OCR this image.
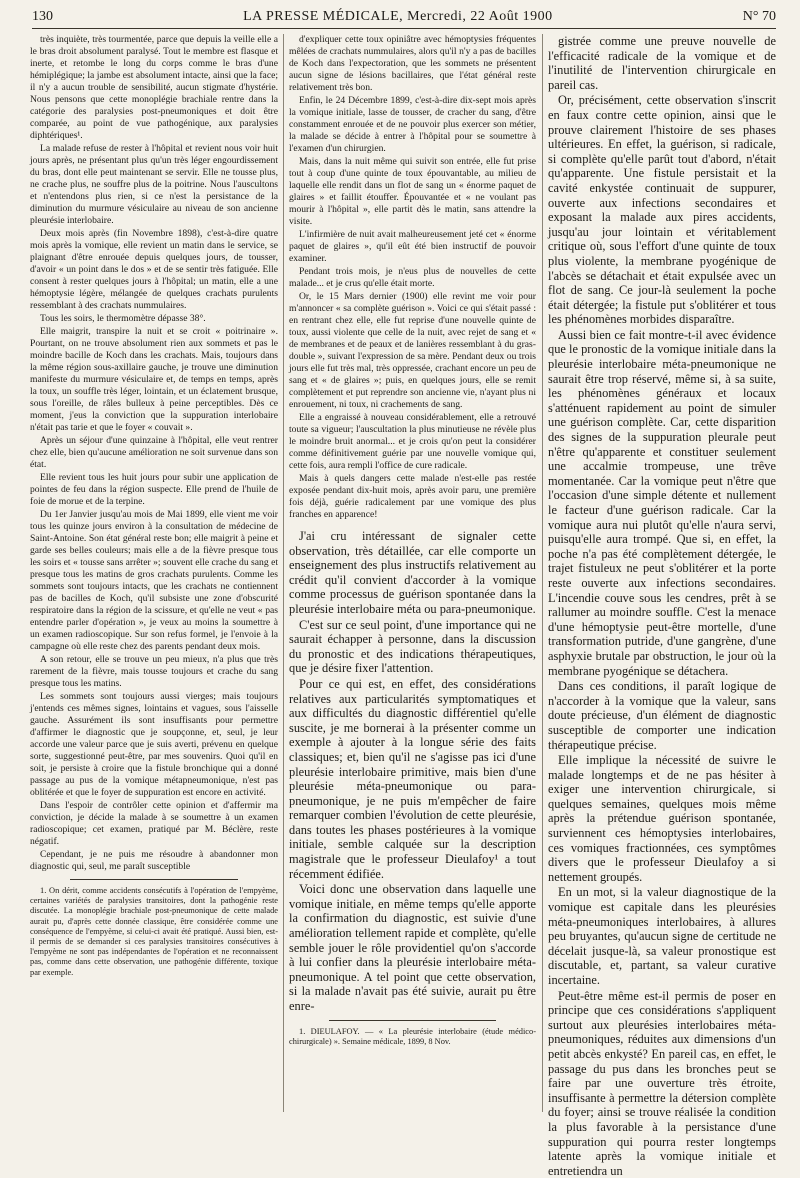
130	LA PRESSE MÉDICALE, Mercredi, 22 Août 1900	N° 70

très inquiète, très tourmentée, parce que depuis la veille elle a le bras droit absolument paralysé. Tout le membre est flasque et inerte, et retombe le long du corps comme le bras d'une hémiplégique; la jambe est absolument intacte, ainsi que la face; il n'y a aucun trouble de sensibilité, aucun stigmate d'hystérie. Nous pensons que cette monoplégie brachiale rentre dans la catégorie des paralysies post-pneumoniques et doit être comparée, au point de vue pathogénique, aux paralysies diphtériques¹.

La malade refuse de rester à l'hôpital et revient nous voir huit jours après, ne présentant plus qu'un très léger engourdissement du bras, dont elle peut maintenant se servir. Elle ne tousse plus, ne crache plus, ne souffre plus de la poitrine. Nous l'auscultons et n'entendons plus rien, si ce n'est la persistance de la diminution du murmure vésiculaire au niveau de son ancienne pleurésie interlobaire.

Deux mois après (fin Novembre 1898), c'est-à-dire quatre mois après la vomique, elle revient un matin dans le service, se plaignant d'être enrouée depuis quelques jours, de tousser, d'avoir « un point dans le dos » et de se sentir très fatiguée. Elle consent à rester quelques jours à l'hôpital; un matin, elle a une hémoptysie légère, mélangée de quelques crachats purulents ressemblant à des crachats nummulaires.

Tous les soirs, le thermomètre dépasse 38°.

Elle maigrit, transpire la nuit et se croit « poitrinaire ». Pourtant, on ne trouve absolument rien aux sommets et pas le moindre bacille de Koch dans les crachats. Mais, toujours dans la même région sous-axillaire gauche, je trouve une diminution manifeste du murmure vésiculaire et, de temps en temps, après la toux, un souffle très léger, lointain, et un éclatement brusque, sous l'oreille, de râles bulleux à peine perceptibles. Dès ce moment, j'eus la conviction que la suppuration interlobaire n'était pas tarie et que le foyer « couvait ».

Après un séjour d'une quinzaine à l'hôpital, elle veut rentrer chez elle, bien qu'aucune amélioration ne soit survenue dans son état.

Elle revient tous les huit jours pour subir une application de pointes de feu dans la région suspecte. Elle prend de l'huile de foie de morue et de la terpine.

Du 1er Janvier jusqu'au mois de Mai 1899, elle vient me voir tous les quinze jours environ à la consultation de médecine de Saint-Antoine. Son état général reste bon; elle maigrit à peine et garde ses belles couleurs; mais elle a de la fièvre presque tous les soirs et « tousse sans arrêter »; souvent elle crache du sang et presque tous les matins de gros crachats purulents. Comme les sommets sont toujours intacts, que les crachats ne contiennent pas de bacilles de Koch, qu'il subsiste une zone d'obscurité respiratoire dans la région de la scissure, et qu'elle ne veut « pas entendre parler d'opération », je veux au moins la soumettre à un examen radioscopique. Sur son refus formel, je l'envoie à la campagne où elle reste chez des parents pendant deux mois.

A son retour, elle se trouve un peu mieux, n'a plus que très rarement de la fièvre, mais tousse toujours et crache du sang presque tous les matins.

Les sommets sont toujours aussi vierges; mais toujours j'entends ces mêmes signes, lointains et vagues, sous l'aisselle gauche. Assurément ils sont insuffisants pour permettre d'affirmer le diagnostic que je soupçonne, et, seul, je leur accorde une valeur parce que je suis averti, prévenu en quelque sorte, suggestionné peut-être, par mes souvenirs. Quoi qu'il en soit, je persiste à croire que la fistule bronchique qui a donné passage au pus de la vomique métapneumonique, n'est pas oblitérée et que le foyer de suppuration est encore en activité.

Dans l'espoir de contrôler cette opinion et d'affermir ma conviction, je décide la malade à se soumettre à un examen radioscopique; cet examen, pratiqué par M. Béclère, reste négatif.

Cependant, je ne puis me résoudre à abandonner mon diagnostic qui, seul, me paraît susceptible

1. On dérit, comme accidents consécutifs à l'opération de l'empyème, certaines variétés de paralysies transitoires, dont la pathogénie reste discutée. La monoplégie brachiale post-pneumonique de cette malade aurait pu, d'après cette donnée classique, être considérée comme une conséquence de l'empyème, si celui-ci avait été pratiqué. Aussi bien, est-il permis de se demander si ces paralysies transitoires consécutives à l'empyème ne sont pas indépendantes de l'opération et ne reconnaissent pas, comme dans cette observation, une pathogénie différente, toxique par exemple.

d'expliquer cette toux opiniâtre avec hémoptysies fréquentes mêlées de crachats nummulaires, alors qu'il n'y a pas de bacilles de Koch dans l'expectoration, que les sommets ne présentent aucun signe de lésions bacillaires, que l'état général reste relativement très bon.

Enfin, le 24 Décembre 1899, c'est-à-dire dix-sept mois après la vomique initiale, lasse de tousser, de cracher du sang, d'être constamment enrouée et de ne pouvoir plus exercer son métier, la malade se décide à entrer à l'hôpital pour se soumettre à l'examen d'un chirurgien.

Mais, dans la nuit même qui suivit son entrée, elle fut prise tout à coup d'une quinte de toux épouvantable, au milieu de laquelle elle rendit dans un flot de sang un « énorme paquet de glaires » et faillit étouffer. Épouvantée et « ne voulant pas mourir à l'hôpital », elle partit dès le matin, sans attendre la visite.

L'infirmière de nuit avait malheureusement jeté cet « énorme paquet de glaires », qu'il eût été bien instructif de pouvoir examiner.

Pendant trois mois, je n'eus plus de nouvelles de cette malade... et je crus qu'elle était morte.

Or, le 15 Mars dernier (1900) elle revint me voir pour m'annoncer « sa complète guérison ». Voici ce qui s'était passé : en rentrant chez elle, elle fut reprise d'une nouvelle quinte de toux, aussi violente que celle de la nuit, avec rejet de sang et « de membranes et de peaux et de lanières ressemblant à du gras-double », suivant l'expression de sa mère. Pendant deux ou trois jours elle fut très mal, très oppressée, crachant encore un peu de sang et « de glaires »; puis, en quelques jours, elle se remit complètement et put reprendre son ancienne vie, n'ayant plus ni enrouement, ni toux, ni crachements de sang.

Elle a engraissé à nouveau considérablement, elle a retrouvé toute sa vigueur; l'auscultation la plus minutieuse ne révèle plus le moindre bruit anormal... et je crois qu'on peut la considérer comme définitivement guérie par une nouvelle vomique qui, cette fois, aura rempli l'office de cure radicale.

Mais à quels dangers cette malade n'est-elle pas restée exposée pendant dix-huit mois, après avoir paru, une première fois déjà, guérie radicalement par une vomique des plus franches en apparence!

J'ai cru intéressant de signaler cette observation, très détaillée, car elle comporte un enseignement des plus instructifs relativement au crédit qu'il convient d'accorder à la vomique comme processus de guérison spontanée dans la pleurésie interlobaire méta ou para-pneumonique.

C'est sur ce seul point, d'une importance qui ne saurait échapper à personne, dans la discussion du pronostic et des indications thérapeutiques, que je désire fixer l'attention.

Pour ce qui est, en effet, des considérations relatives aux particularités symptomatiques et aux difficultés du diagnostic différentiel qu'elle suscite, je me bornerai à la présenter comme un exemple à ajouter à la longue série des faits classiques; et, bien qu'il ne s'agisse pas ici d'une pleurésie interlobaire primitive, mais bien d'une pleurésie méta-pneumonique ou para-pneumonique, je ne puis m'empêcher de faire remarquer combien l'évolution de cette pleurésie, dans toutes les phases postérieures à la vomique initiale, semble calquée sur la description magistrale que le professeur Dieulafoy¹ a tout récemment édifiée.

Voici donc une observation dans laquelle une vomique initiale, en même temps qu'elle apporte la confirmation du diagnostic, est suivie d'une amélioration tellement rapide et complète, qu'elle semble jouer le rôle providentiel qu'on s'accorde à lui confier dans la pleurésie interlobaire méta-pneumonique. A tel point que cette observation, si la malade n'avait pas été suivie, aurait pu être enre-

1. DIEULAFOY. — « La pleurésie interlobaire (étude médico-chirurgicale) ». Semaine médicale, 1899, 8 Nov.

gistrée comme une preuve nouvelle de l'efficacité radicale de la vomique et de l'inutilité de l'intervention chirurgicale en pareil cas.

Or, précisément, cette observation s'inscrit en faux contre cette opinion, ainsi que le prouve clairement l'histoire de ses phases ultérieures. En effet, la guérison, si radicale, si complète qu'elle parût tout d'abord, n'était qu'apparente. Une fistule persistait et la cavité enkystée continuait de suppurer, ouverte aux infections secondaires et exposant la malade aux pires accidents, jusqu'au jour lointain et véritablement critique où, sous l'effort d'une quinte de toux plus violente, la membrane pyogénique de l'abcès se détachait et était expulsée avec un flot de sang. Ce jour-là seulement la poche était détergée; la fistule put s'oblitérer et tous les phénomènes morbides disparaître.

Aussi bien ce fait montre-t-il avec évidence que le pronostic de la vomique initiale dans la pleurésie interlobaire méta-pneumonique ne saurait être trop réservé, même si, à sa suite, les phénomènes généraux et locaux s'atténuent rapidement au point de simuler une guérison complète. Car, cette disparition des signes de la suppuration pleurale peut n'être qu'apparente et constituer seulement une accalmie trompeuse, une trêve momentanée. Car la vomique peut n'être que l'occasion d'une simple détente et nullement le facteur d'une guérison radicale. Car la vomique aura nui plutôt qu'elle n'aura servi, puisqu'elle aura trompé. Que si, en effet, la poche n'a pas été complètement détergée, le trajet fistuleux ne peut s'oblitérer et la porte reste ouverte aux infections secondaires. L'incendie couve sous les cendres, prêt à se rallumer au moindre souffle. C'est la menace d'une hémoptysie peut-être mortelle, d'une transformation putride, d'une gangrène, d'une asphyxie brutale par obstruction, le jour où la membrane pyogénique se détachera.

Dans ces conditions, il paraît logique de n'accorder à la vomique que la valeur, sans doute précieuse, d'un élément de diagnostic susceptible de comporter une indication thérapeutique précise.

Elle implique la nécessité de suivre le malade longtemps et de ne pas hésiter à exiger une intervention chirurgicale, si quelques semaines, quelques mois même après la prétendue guérison spontanée, surviennent ces hémoptysies interlobaires, ces vomiques fractionnées, ces symptômes divers que le professeur Dieulafoy a si nettement groupés.

En un mot, si la valeur diagnostique de la vomique est capitale dans les pleurésies méta-pneumoniques interlobaires, à allures peu bruyantes, qu'aucun signe de certitude ne décelait jusque-là, sa valeur pronostique est discutable, et, partant, sa valeur curative incertaine.

Peut-être même est-il permis de poser en principe que ces considérations s'appliquent surtout aux pleurésies interlobaires méta-pneumoniques, réduites aux dimensions d'un petit abcès enkysté? En pareil cas, en effet, le passage du pus dans les bronches peut se faire par une ouverture très étroite, insuffisante à permettre la détersion complète du foyer; ainsi se trouve réalisée la condition la plus favorable à la persistance d'une suppuration qui pourra rester longtemps latente après la vomique initiale et entretiendra un
